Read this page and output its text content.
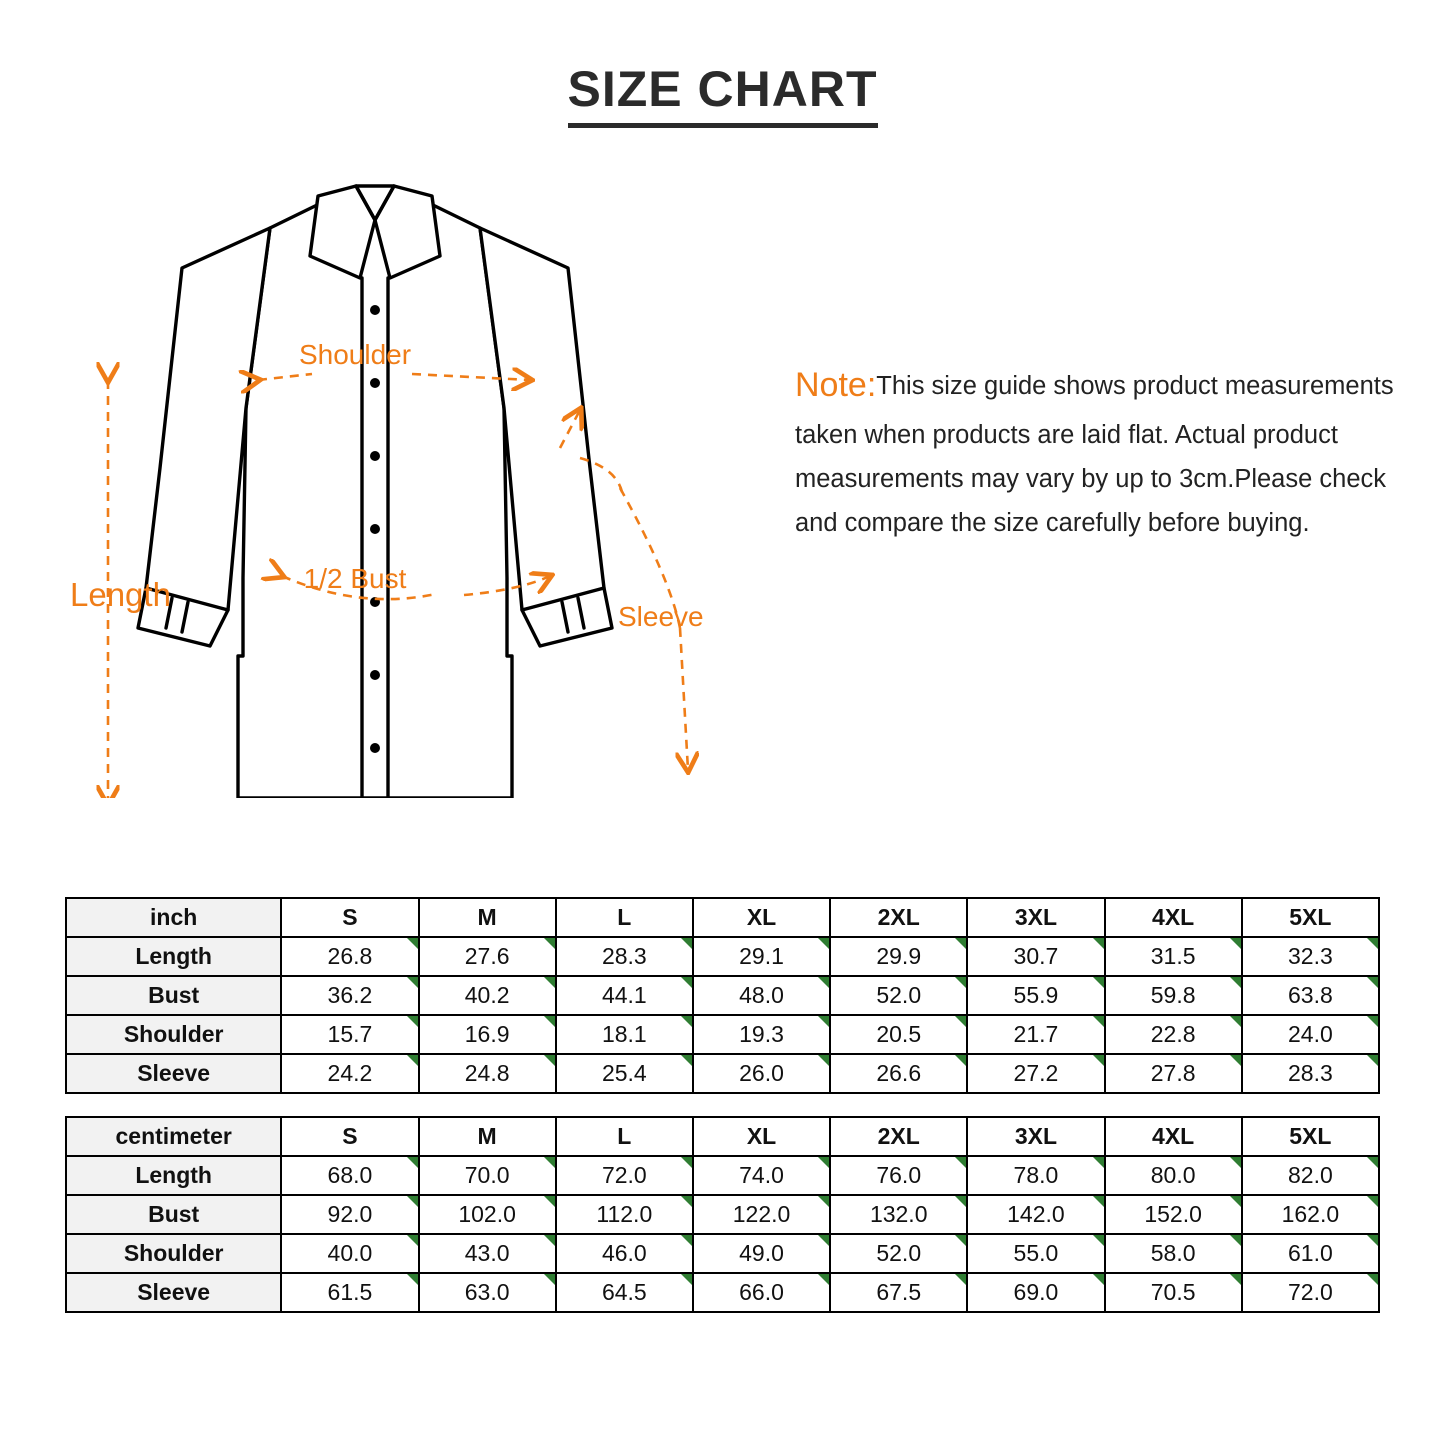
SIZE CHART
Shoulder
1/2 Bust
Length
Sleeve
Note:This size guide shows product measurements taken when products are laid flat. Actual product measurements may vary by up to 3cm.Please check and compare the size carefully before buying.
inch	S	M	L	XL	2XL	3XL	4XL	5XL
Length	26.8	27.6	28.3	29.1	29.9	30.7	31.5	32.3
Bust	36.2	40.2	44.1	48.0	52.0	55.9	59.8	63.8
Shoulder	15.7	16.9	18.1	19.3	20.5	21.7	22.8	24.0
Sleeve	24.2	24.8	25.4	26.0	26.6	27.2	27.8	28.3
centimeter	S	M	L	XL	2XL	3XL	4XL	5XL
Length	68.0	70.0	72.0	74.0	76.0	78.0	80.0	82.0
Bust	92.0	102.0	112.0	122.0	132.0	142.0	152.0	162.0
Shoulder	40.0	43.0	46.0	49.0	52.0	55.0	58.0	61.0
Sleeve	61.5	63.0	64.5	66.0	67.5	69.0	70.5	72.0
